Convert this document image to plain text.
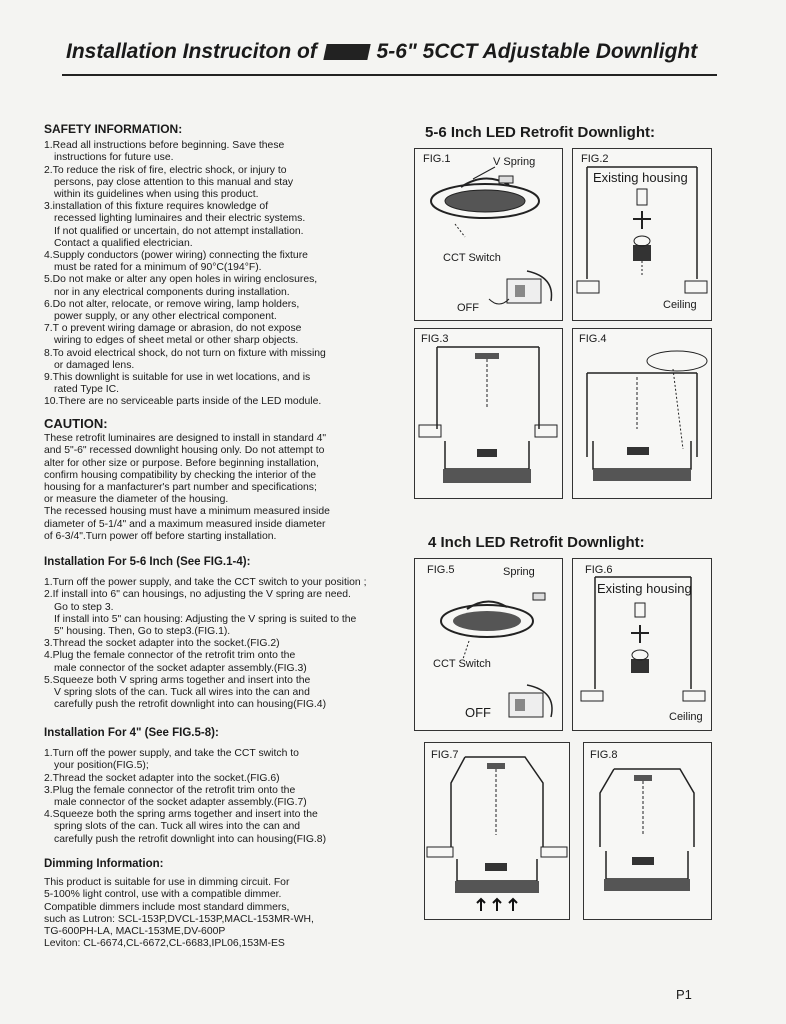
Installation Instruciton of	5-6" 5CCT Adjustable Downlight

SAFETY INFORMATION:

1.Read all instructions before beginning. Save these

instructions for future use.

2.To reduce the risk of fire, electric shock, or injury to

persons, pay close attention to this manual and stay

within its guidelines when using this product.

3.installation of this fixture requires knowledge of

recessed lighting luminaires and their electric systems.

If not qualified or uncertain, do not attempt installation.

Contact a qualified electrician.

4.Supply conductors (power wiring) connecting the fixture

must be rated for a minimum of 90°C(194°F).

5.Do not make or alter any open holes in wiring enclosures,

nor in any electrical components during installation.

6.Do not alter, relocate, or remove wiring, lamp holders,

power supply, or any other electrical component.

7.T o prevent wiring damage or abrasion, do not expose

wiring to edges of sheet metal or other sharp objects.

8.To avoid electrical shock, do not turn on fixture with missing

or damaged lens.

9.This downlight is suitable for use in wet locations, and is

rated Type IC.

10.There are no serviceable parts inside of the LED module.

CAUTION:

These retrofit luminaires are designed to install in standard 4"

and 5"-6" recessed downlight housing only. Do not attempt to

alter for other size or purpose. Before beginning installation,

confirm housing compatibility by checking the interior of the

housing for a manfacturer's part number and specifications;

or measure the diameter of the housing.

The recessed housing must have a minimum measured inside

diameter of 5-1/4" and a maximum measured inside diameter

of 6-3/4".Turn power off before starting installation.

Installation For 5-6 Inch (See FIG.1-4):

1.Turn off the power supply, and take the CCT switch to your position ;

2.If install into 6" can housings, no adjusting the V spring are need.

Go to step 3.

If install into 5" can housing: Adjusting the V spring is suited to the

5" housing. Then, Go to step3.(FIG.1).

3.Thread the socket adapter into the socket.(FIG.2)

4.Plug the female connector of the retrofit trim onto the

male connector of the socket adapter assembly.(FIG.3)

5.Squeeze both V spring arms together and insert into the

V spring slots of the can. Tuck all wires into the can and

carefully push the retrofit downlight into can housing(FIG.4)

Installation For 4" (See FIG.5-8):

1.Turn off the power supply, and take the CCT switch to

your position(FIG.5);

2.Thread the socket adapter into the socket.(FIG.6)

3.Plug the female connector of the retrofit trim onto the

male connector of the socket adapter assembly.(FIG.7)

4.Squeeze both the spring arms together and insert into the

spring slots of the can. Tuck all wires into the can and

carefully push the retrofit downlight into can housing(FIG.8)

Dimming Information:

This product is suitable for use in dimming circuit. For

5-100% light control, use with a compatible dimmer.

Compatible dimmers include most standard dimmers,

such as Lutron: SCL-153P,DVCL-153P,MACL-153MR-WH,

TG-600PH-LA, MACL-153ME,DV-600P

Leviton: CL-6674,CL-6672,CL-6683,IPL06,153M-ES

5-6 Inch LED Retrofit Downlight:
4 Inch LED Retrofit Downlight:
FIG.1	V Spring
CCT Switch
OFF
FIG.2
Existing housing
Ceiling
FIG.3	FIG.4
FIG.5	Spring
CCT Switch
OFF
FIG.6
Existing housing
Ceiling
FIG.7	FIG.8
P1
